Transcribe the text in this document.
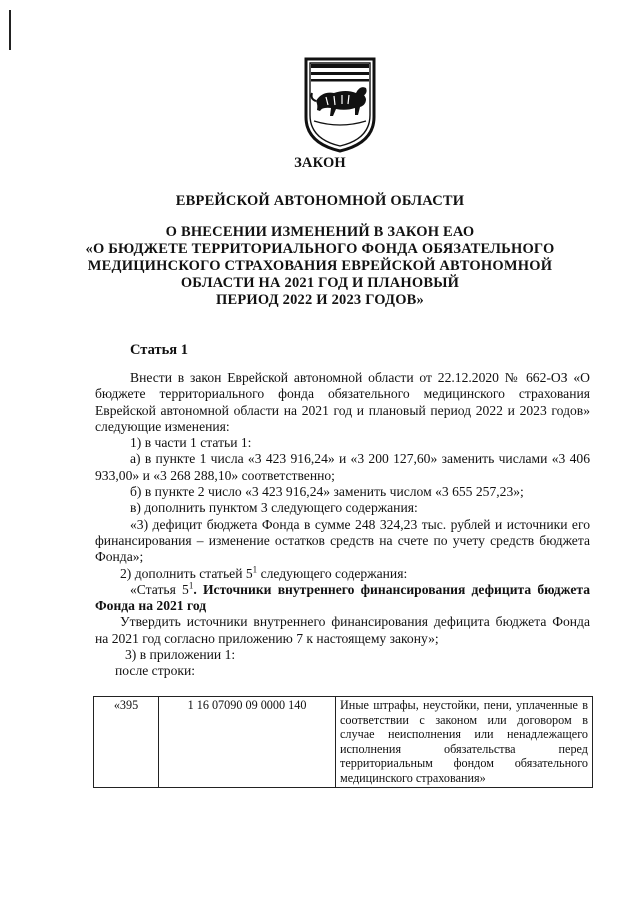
ЗАКОН
ЕВРЕЙСКОЙ АВТОНОМНОЙ ОБЛАСТИ
О ВНЕСЕНИИ ИЗМЕНЕНИЙ В ЗАКОН ЕАО
«О БЮДЖЕТЕ ТЕРРИТОРИАЛЬНОГО ФОНДА ОБЯЗАТЕЛЬНОГО
МЕДИЦИНСКОГО СТРАХОВАНИЯ ЕВРЕЙСКОЙ АВТОНОМНОЙ
ОБЛАСТИ НА 2021 ГОД И ПЛАНОВЫЙ
ПЕРИОД 2022 И 2023 ГОДОВ»
Статья 1

Внести в закон Еврейской автономной области от 22.12.2020 № 662-ОЗ «О бюджете территориального фонда обязательного медицинского страхования Еврейской автономной области на 2021 год и плановый период 2022 и 2023 годов» следующие изменения:

1) в части 1 статьи 1:

а) в пункте 1 числа «3 423 916,24» и «3 200 127,60» заменить числами «3 406 933,00» и «3 268 288,10» соответственно;

б) в пункте 2 число «3 423 916,24» заменить числом «3 655 257,23»;

в) дополнить пунктом 3 следующего содержания:

«3) дефицит бюджета Фонда в сумме 248 324,23 тыс. рублей и источники его финансирования – изменение остатков средств на счете по учету средств бюджета Фонда»;

2) дополнить статьей $5^1$ следующего содержания:

«Статья $5^1$. Источники внутреннего финансирования дефицита бюджета Фонда на 2021 год

Утвердить источники внутреннего финансирования дефицита бюджета Фонда на 2021 год согласно приложению 7 к настоящему закону»;

3) в приложении 1:

после строки:

«395	1 16 07090 09 0000 140	Иные штрафы, неустойки, пени, уплаченные в соответствии с законом или договором в случае неисполнения или ненадлежащего исполнения обязательства перед территориальным фондом обязательного медицинского страхования»
